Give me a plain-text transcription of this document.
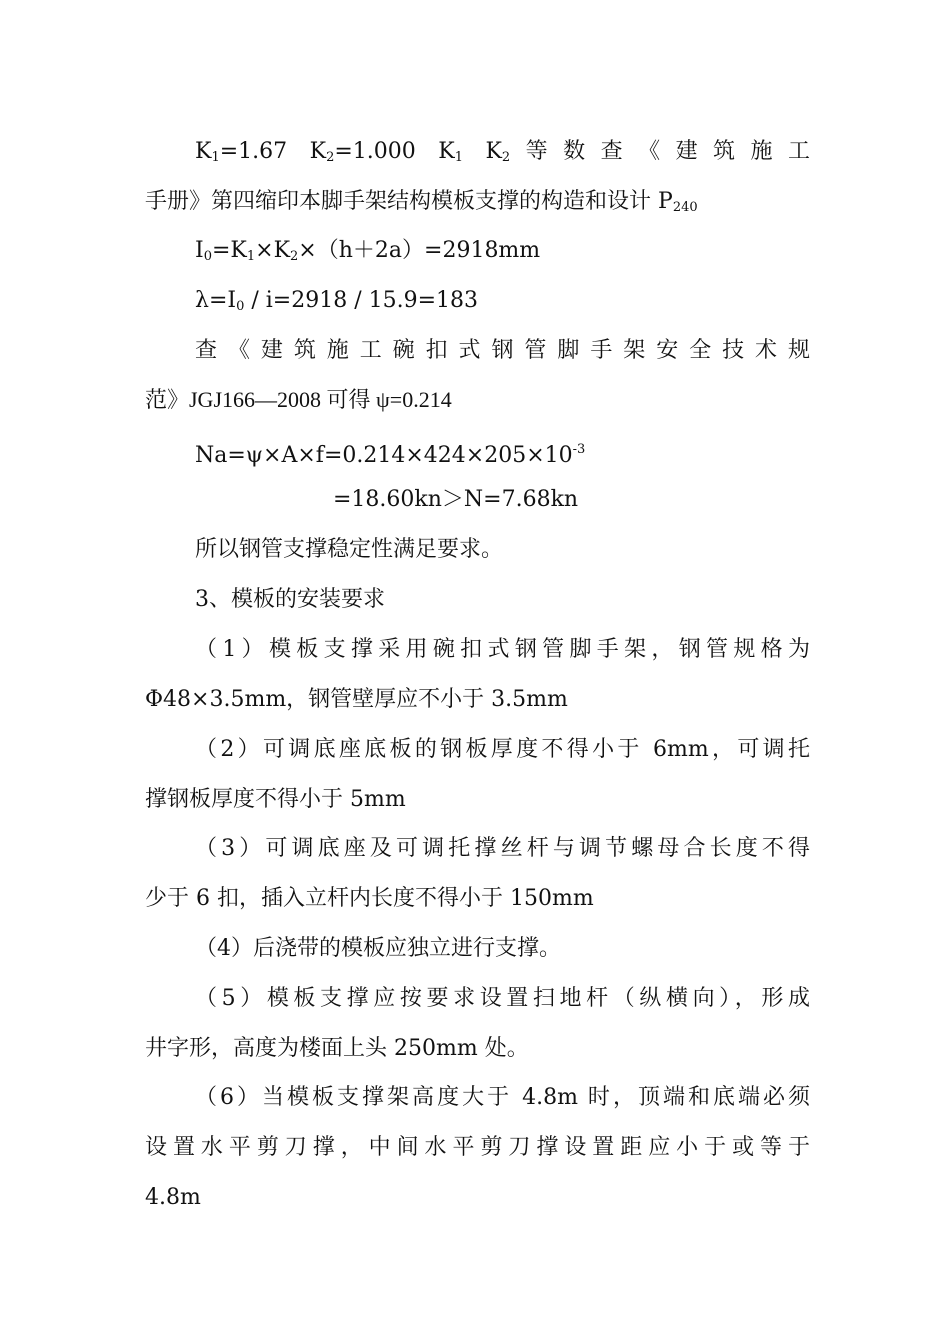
$K_1=1.67$ $K_2=1.000$ $K_1$ $K_2$等数查《建筑施工
手册》第四缩印本脚手架结构模板支撑的构造和设计 $P_{240}$
$I_0=K_1\times K_2\times(h+2a)=2918mm$
$\lambda=I_0 / i=2918 / 15.9=183$
查《建筑施工碗扣式钢管脚手架安全技术规
范》JGJ166—2008 可得 ψ=0.214
$Na=\psi\times A\times f=0.214\times 424\times 205\times 10^{-3}$
=18.60kn＞N=7.68kn
所以钢管支撑稳定性满足要求。
3、模板的安装要求
（1）模板支撑采用碗扣式钢管脚手架，钢管规格为
Φ48×3.5mm，钢管壁厚应不小于 3.5mm
（2）可调底座底板的钢板厚度不得小于 6mm，可调托
撑钢板厚度不得小于 5mm
（3）可调底座及可调托撑丝杆与调节螺母合长度不得
少于 6 扣，插入立杆内长度不得小于 150mm
（4）后浇带的模板应独立进行支撑。
（5）模板支撑应按要求设置扫地杆（纵横向），形成
井字形，高度为楼面上头 250mm 处。
（6）当模板支撑架高度大于 4.8m 时，顶端和底端必须
设置水平剪刀撑，中间水平剪刀撑设置距应小于或等于
4.8m
